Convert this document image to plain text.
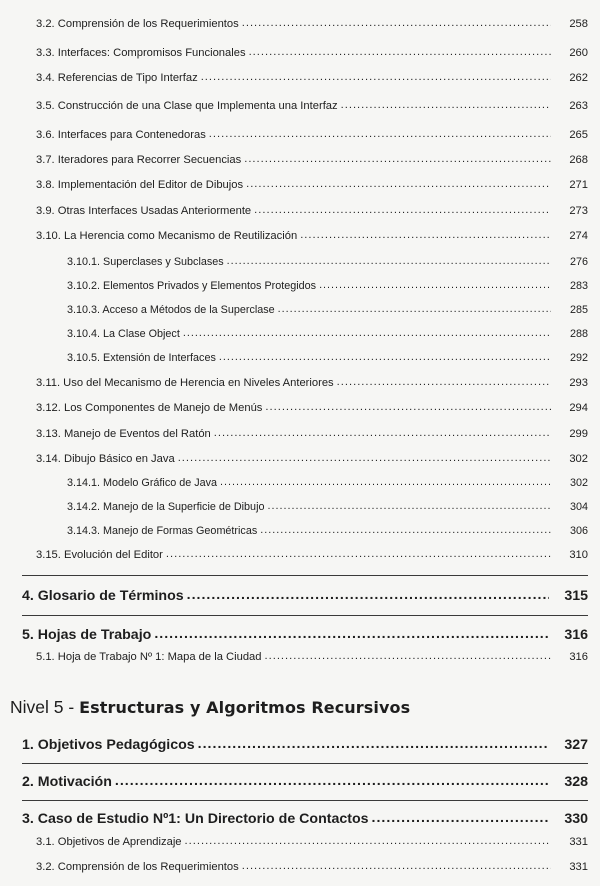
3.2. Comprensión de los Requerimientos .....	258
3.3. Interfaces: Compromisos Funcionales .....	260
3.4. Referencias de Tipo Interfaz .....	262
3.5. Construcción de una Clase que Implementa una Interfaz .....	263
3.6. Interfaces para Contenedoras .....	265
3.7. Iteradores para Recorrer Secuencias .....	268
3.8. Implementación del Editor de Dibujos .....	271
3.9. Otras Interfaces Usadas Anteriormente .....	273
3.10. La Herencia como Mecanismo de Reutilización .....	274
3.10.1. Superclases y Subclases .....	276
3.10.2. Elementos Privados y Elementos Protegidos .....	283
3.10.3. Acceso a Métodos de la Superclase .....	285
3.10.4. La Clase Object .....	288
3.10.5. Extensión de Interfaces .....	292
3.11. Uso del Mecanismo de Herencia en Niveles Anteriores .....	293
3.12. Los Componentes de Manejo de Menús .....	294
3.13. Manejo de Eventos del Ratón .....	299
3.14. Dibujo Básico en Java .....	302
3.14.1. Modelo Gráfico de Java .....	302
3.14.2. Manejo de la Superficie de Dibujo .....	304
3.14.3. Manejo de Formas Geométricas .....	306
3.15. Evolución del Editor .....	310
4. Glosario de Términos .....	315
5. Hojas de Trabajo .....	316
5.1. Hoja de Trabajo Nº 1: Mapa de la Ciudad .....	316
Nivel 5 - Estructuras y Algoritmos Recursivos
1. Objetivos Pedagógicos .....	327
2. Motivación .....	328
3. Caso de Estudio Nº1: Un Directorio de Contactos .....	330
3.1. Objetivos de Aprendizaje .....	331
3.2. Comprensión de los Requerimientos .....	331
